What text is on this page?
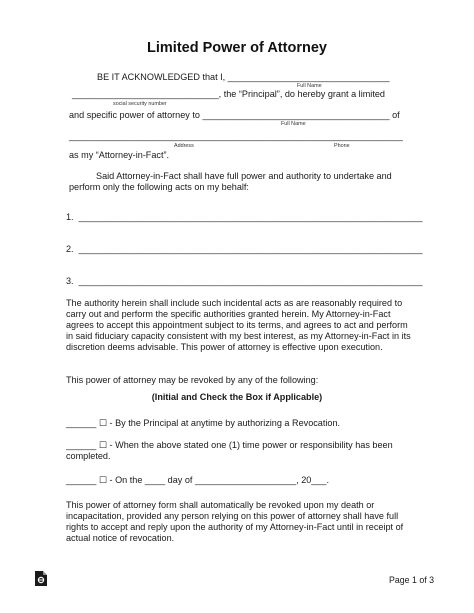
Limited Power of Attorney
BE IT ACKNOWLEDGED that I, ________________________________
Full Name
_____________________________, the “Principal”, do hereby grant a limited
social security number
and specific power of attorney to _____________________________________ of
Full Name
__________________________________________________________________
Address	Phone
as my “Attorney-in-Fact”.
Said Attorney-in-Fact shall have full power and authority to undertake and perform only the following acts on my behalf:
1.  ____________________________________________________________________
2.  ____________________________________________________________________
3.  ____________________________________________________________________
The authority herein shall include such incidental acts as are reasonably required to carry out and perform the specific authorities granted herein. My Attorney-in-Fact agrees to accept this appointment subject to its terms, and agrees to act and perform in said fiduciary capacity consistent with my best interest, as my Attorney-in-Fact in its discretion deems advisable. This power of attorney is effective upon execution.
This power of attorney may be revoked by any of the following:
(Initial and Check the Box if Applicable)
______ ☐ - By the Principal at anytime by authorizing a Revocation.
______ ☐ - When the above stated one (1) time power or responsibility has been completed.
______ ☐ - On the ____ day of ____________________, 20___.
This power of attorney form shall automatically be revoked upon my death or incapacitation, provided any person relying on this power of attorney shall have full rights to accept and reply upon the authority of my Attorney-in-Fact until in receipt of actual notice of revocation.
Page 1 of 3
